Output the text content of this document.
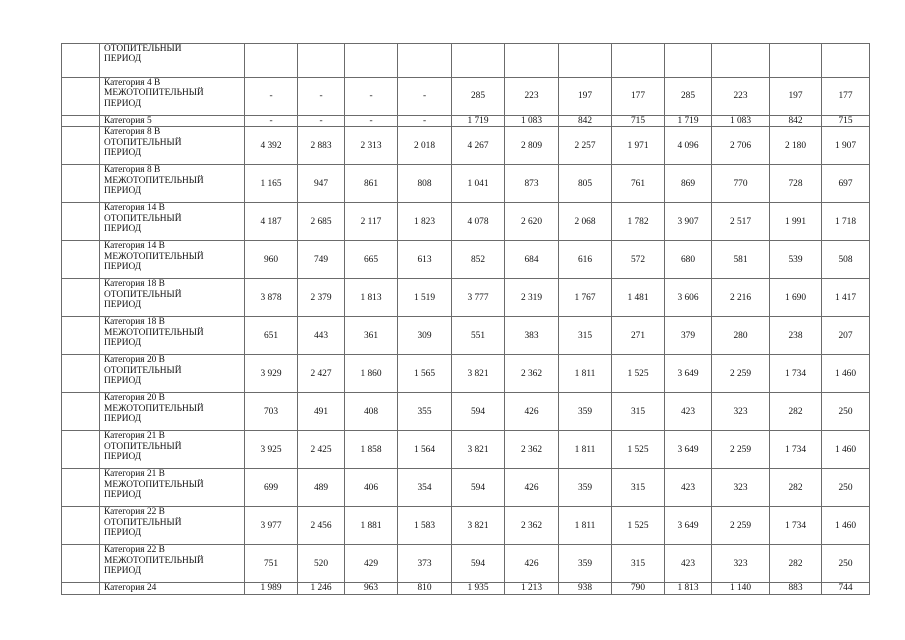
	ОТОПИТЕЛЬНЫЙ
ПЕРИОД												

	Категория 4 В
МЕЖОТОПИТЕЛЬНЫЙ
ПЕРИОД	-	-	-	-	285	223	197	177	285	223	197	177

	Категория 5	-	-	-	-	1 719	1 083	842	715	1 719	1 083	842	715

	Категория 8 В
ОТОПИТЕЛЬНЫЙ
ПЕРИОД	4 392	2 883	2 313	2 018	4 267	2 809	2 257	1 971	4 096	2 706	2 180	1 907

	Категория 8 В
МЕЖОТОПИТЕЛЬНЫЙ
ПЕРИОД	1 165	947	861	808	1 041	873	805	761	869	770	728	697

	Категория 14 В
ОТОПИТЕЛЬНЫЙ
ПЕРИОД	4 187	2 685	2 117	1 823	4 078	2 620	2 068	1 782	3 907	2 517	1 991	1 718

	Категория 14 В
МЕЖОТОПИТЕЛЬНЫЙ
ПЕРИОД	960	749	665	613	852	684	616	572	680	581	539	508

	Категория 18 В
ОТОПИТЕЛЬНЫЙ
ПЕРИОД	3 878	2 379	1 813	1 519	3 777	2 319	1 767	1 481	3 606	2 216	1 690	1 417

	Категория 18 В
МЕЖОТОПИТЕЛЬНЫЙ
ПЕРИОД	651	443	361	309	551	383	315	271	379	280	238	207

	Категория 20 В
ОТОПИТЕЛЬНЫЙ
ПЕРИОД	3 929	2 427	1 860	1 565	3 821	2 362	1 811	1 525	3 649	2 259	1 734	1 460

	Категория 20 В
МЕЖОТОПИТЕЛЬНЫЙ
ПЕРИОД	703	491	408	355	594	426	359	315	423	323	282	250

	Категория 21 В
ОТОПИТЕЛЬНЫЙ
ПЕРИОД	3 925	2 425	1 858	1 564	3 821	2 362	1 811	1 525	3 649	2 259	1 734	1 460

	Категория 21 В
МЕЖОТОПИТЕЛЬНЫЙ
ПЕРИОД	699	489	406	354	594	426	359	315	423	323	282	250

	Категория 22 В
ОТОПИТЕЛЬНЫЙ
ПЕРИОД	3 977	2 456	1 881	1 583	3 821	2 362	1 811	1 525	3 649	2 259	1 734	1 460

	Категория 22 В
МЕЖОТОПИТЕЛЬНЫЙ
ПЕРИОД	751	520	429	373	594	426	359	315	423	323	282	250

	Категория 24	1 989	1 246	963	810	1 935	1 213	938	790	1 813	1 140	883	744
